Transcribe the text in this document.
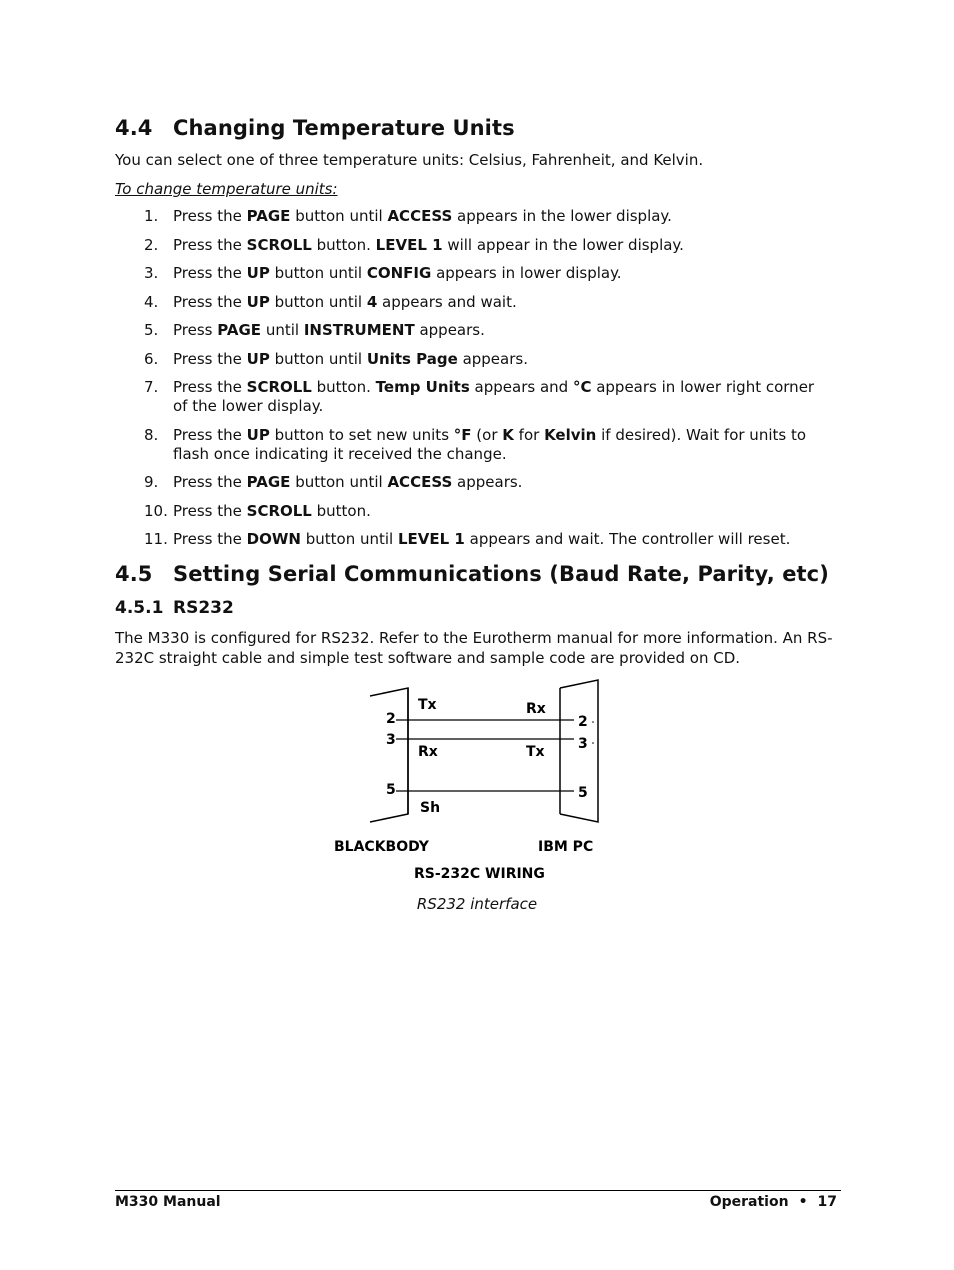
4.4 Changing Temperature Units

You can select one of three temperature units: Celsius, Fahrenheit, and Kelvin.

To change temperature units:

1. Press the PAGE button until ACCESS appears in the lower display.
2. Press the SCROLL button. LEVEL 1 will appear in the lower display.
3. Press the UP button until CONFIG appears in lower display.
4. Press the UP button until 4 appears and wait.
5. Press PAGE until INSTRUMENT appears.
6. Press the UP button until Units Page appears.
7. Press the SCROLL button. Temp Units appears and °C appears in lower right corner of the lower display.
8. Press the UP button to set new units °F (or K for Kelvin if desired). Wait for units to flash once indicating it received the change.
9. Press the PAGE button until ACCESS appears.
10. Press the SCROLL button.
11. Press the DOWN button until LEVEL 1 appears and wait. The controller will reset.
4.5 Setting Serial Communications (Baud Rate, Parity, etc)
4.5.1 RS232

The M330 is configured for RS232. Refer to the Eurotherm manual for more information. An RS-232C straight cable and simple test software and sample code are provided on CD.

2
3
5
2
3
5
Tx
Rx
Sh
Rx
Tx
BLACKBODY	IBM PC
RS-232C WIRING
RS232 interface
M330 Manual	Operation • 17
